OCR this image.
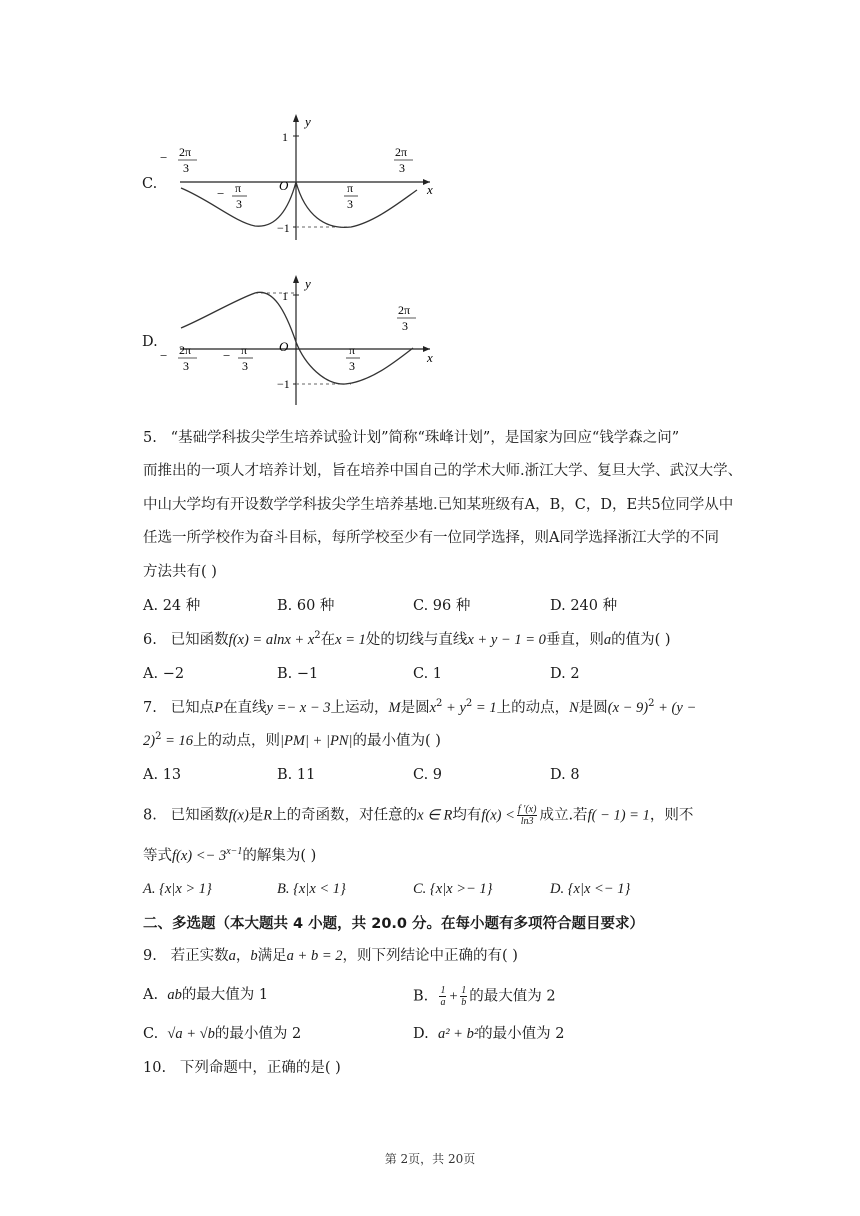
C.	x
y
O
1
−1
− 2π
3
− π
3
π
3
2π
3
D.
x
y
O
1
−1
− 2π
3
− π
3
π
3
2π
3
5. “基础学科拔尖学生培养试验计划”简称“珠峰计划”，是国家为回应“钱学森之问”
而推出的一项人才培养计划，旨在培养中国自己的学术大师.浙江大学、复旦大学、武汉大学、
中山大学均有开设数学学科拔尖学生培养基地.已知某班级有A，B，C，D，E共5位同学从中
任选一所学校作为奋斗目标，每所学校至少有一位同学选择，则A同学选择浙江大学的不同
方法共有( )
A. 24 种	B. 60 种	C. 96 种	D. 240 种
6. 已知函数$f(x) = alnx + x^2$在x = 1处的切线与直线x + y − 1 = 0垂直，则a的值为( )
A. −2	B. −1	C. 1	D. 2
7. 已知点P在直线y =− x − 3上运动，M是圆$x^2 + y^2 = 1$上的动点，N是圆$(x - 9)^2 + (y$ −
2)$^2$ = 16上的动点，则|PM| + |PN|的最小值为( )
A. 13	B. 11	C. 9	D. 8
8. 已知函数f(x)是R上的奇函数，对任意的x ∈ R均有$f(x) < \frac{f '(x)}{\ln 3}$ 成立.若f( − 1) = 1，则不
等式$f(x) <- 3^{x-1}$的解集为( )
A. {x|x > 1}	B. {x|x < 1}	C. {x|x >− 1}	D. {x|x <− 1}
二、多选题（本大题共 4 小题，共 20.0 分。在每小题有多项符合题目要求）
9. 若正实数a，b满足a + b = 2，则下列结论中正确的有( )
A. ab的最大值为 1	B. $\frac{1}{a} + \frac{1}{b}$ 的最大值为 2
C. √a + √b的最小值为 2	D. a² + b²的最小值为 2
10. 下列命题中，正确的是( )
第 2页，共 20页
